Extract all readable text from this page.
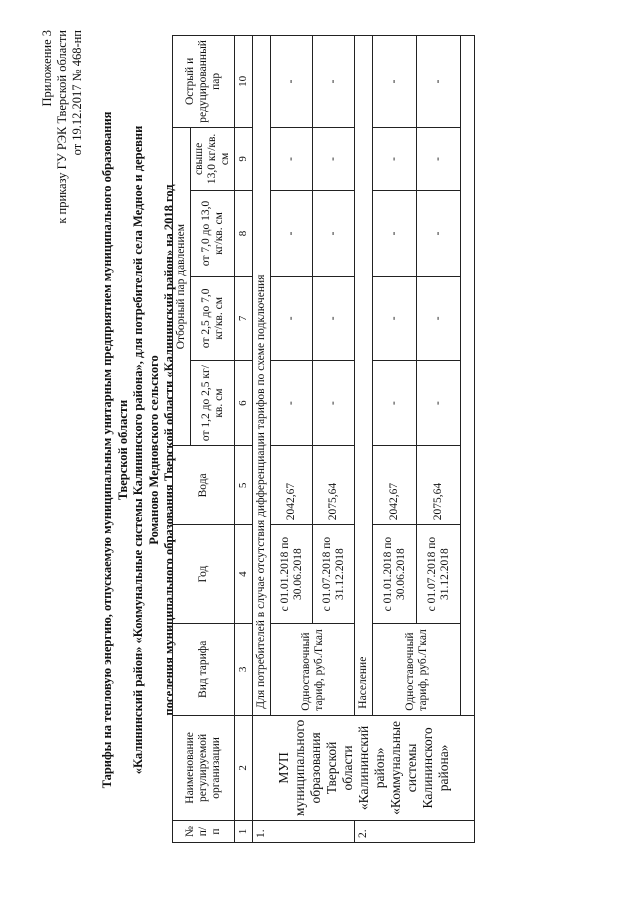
Приложение 3 к приказу ГУ РЭК Тверской области от 19.12.2017 № 468-нп
Тарифы на тепловую энергию, отпускаемую муниципальным унитарным предприятием муниципального образования Тверской области «Калининский район» «Коммунальные системы Калининского района», для потребителей села Медное и деревни Романово Медновского сельского поселения муниципального образования Тверской области «Калининский район» на 2018 год
№ п/п	Наименование регулируемой организации	Вид тарифа	Год	Вода	Отборный пар давлением				Острый и редуцированный пар
					от 1,2 до 2,5 кг/кв. см	от 2,5 до 7,0 кг/кв. см	от 7,0 до 13,0 кг/кв. см	свыше 13,0 кг/кв. см	
1	2	3	4	5	6	7	8	9	10
1.	МУП муниципального образования Тверской области «Калининский район» «Коммунальные системы Калининского района»	Для потребителей в случае отсутствия дифференциации тарифов по схеме подключения							
		Одноставочный тариф, руб./Гкал	с 01.01.2018 по 30.06.2018	2042,67	-	-	-	-	-
			с 01.07.2018 по 31.12.2018	2075,64	-	-	-	-	-
2.		Население							
		Одноставочный тариф, руб./Гкал	с 01.01.2018 по 30.06.2018	2042,67	-	-	-	-	-
			с 01.07.2018 по 31.12.2018	2075,64	-	-	-	-	-
